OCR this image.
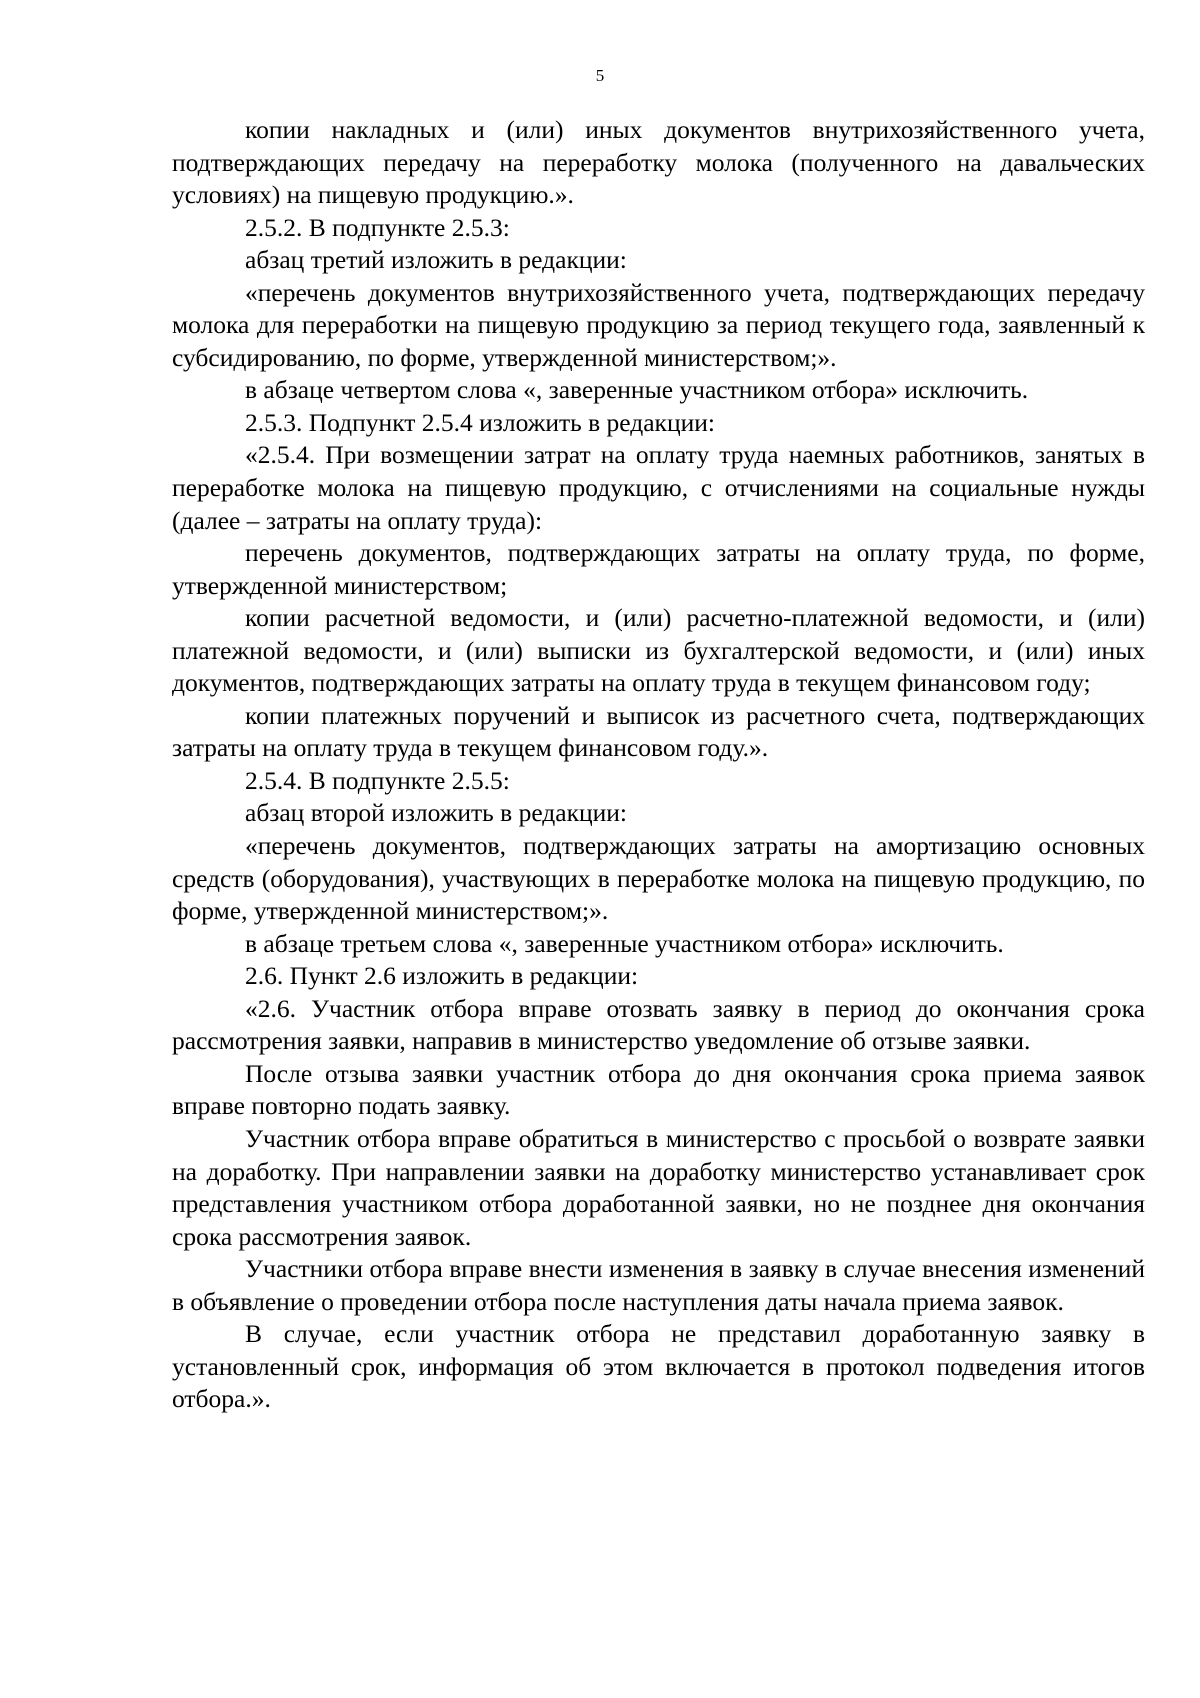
5

копии накладных и (или) иных документов внутрихозяйственного учета, подтверждающих передачу на переработку молока (полученного на давальческих условиях) на пищевую продукцию.».

2.5.2. В подпункте 2.5.3:

абзац третий изложить в редакции:

«перечень документов внутрихозяйственного учета, подтверждающих передачу молока для переработки на пищевую продукцию за период текущего года, заявленный к субсидированию, по форме, утвержденной министерством;».

в абзаце четвертом слова «, заверенные участником отбора» исключить.

2.5.3. Подпункт 2.5.4 изложить в редакции:

«2.5.4. При возмещении затрат на оплату труда наемных работников, занятых в переработке молока на пищевую продукцию, с отчислениями на социальные нужды (далее – затраты на оплату труда):

перечень документов, подтверждающих затраты на оплату труда, по форме, утвержденной министерством;

копии расчетной ведомости, и (или) расчетно-платежной ведомости, и (или) платежной ведомости, и (или) выписки из бухгалтерской ведомости, и (или) иных документов, подтверждающих затраты на оплату труда в текущем финансовом году;

копии платежных поручений и выписок из расчетного счета, подтверждающих затраты на оплату труда в текущем финансовом году.».

2.5.4. В подпункте 2.5.5:

абзац второй изложить в редакции:

«перечень документов, подтверждающих затраты на амортизацию основных средств (оборудования), участвующих в переработке молока на пищевую продукцию, по форме, утвержденной министерством;».

в абзаце третьем слова «, заверенные участником отбора» исключить.

2.6. Пункт 2.6 изложить в редакции:

«2.6. Участник отбора вправе отозвать заявку в период до окончания срока рассмотрения заявки, направив в министерство уведомление об отзыве заявки.

После отзыва заявки участник отбора до дня окончания срока приема заявок вправе повторно подать заявку.

Участник отбора вправе обратиться в министерство с просьбой о возврате заявки на доработку. При направлении заявки на доработку министерство устанавливает срок представления участником отбора доработанной заявки, но не позднее дня окончания срока рассмотрения заявок.

Участники отбора вправе внести изменения в заявку в случае внесения изменений в объявление о проведении отбора после наступления даты начала приема заявок.

В случае, если участник отбора не представил доработанную заявку в установленный срок, информация об этом включается в протокол подведения итогов отбора.».
